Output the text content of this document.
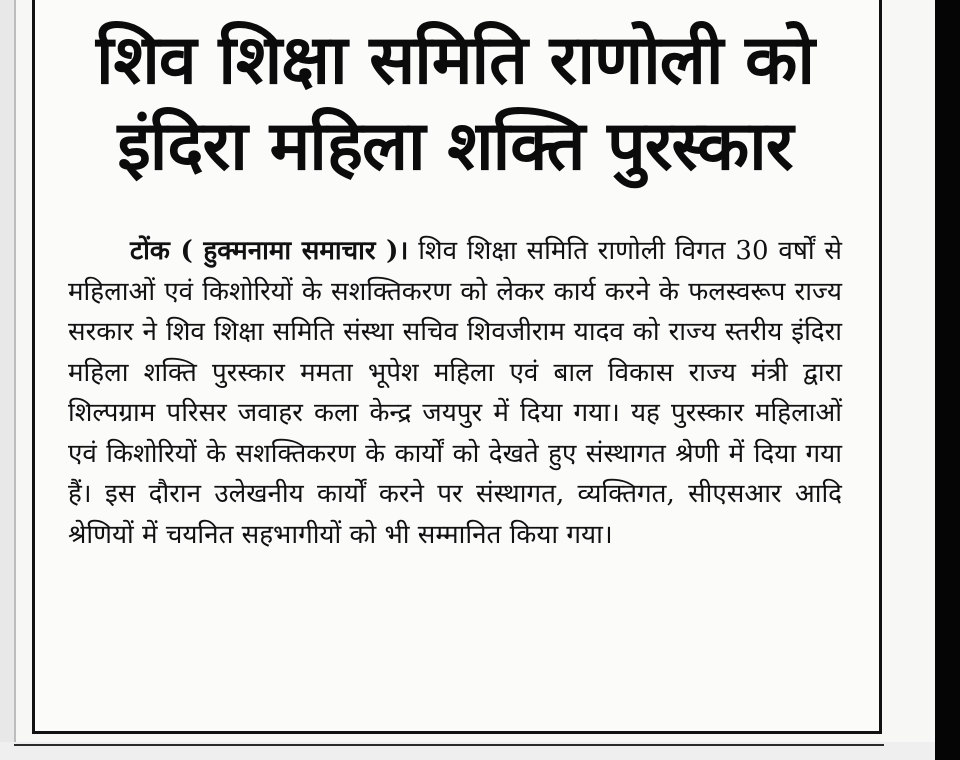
शिव शिक्षा समिति राणोली को
इंदिरा महिला शक्ति पुरस्कार

टोंक ( हुक्मनामा समाचार )। शिव शिक्षा समिति राणोली विगत 30 वर्षों से महिलाओं एवं किशोरियों के सशक्तिकरण को लेकर कार्य करने के फलस्वरूप राज्य सरकार ने शिव शिक्षा समिति संस्था सचिव शिवजीराम यादव को राज्य स्तरीय इंदिरा महिला शक्ति पुरस्कार ममता भूपेश महिला एवं बाल विकास राज्य मंत्री द्वारा शिल्पग्राम परिसर जवाहर कला केन्द्र जयपुर में दिया गया। यह पुरस्कार महिलाओं एवं किशोरियों के सशक्तिकरण के कार्यों को देखते हुए संस्थागत श्रेणी में दिया गया हैं। इस दौरान उलेखनीय कार्यों करने पर संस्थागत, व्यक्तिगत, सीएसआर आदि श्रेणियों में चयनित सहभागीयों को भी सम्मानित किया गया।
